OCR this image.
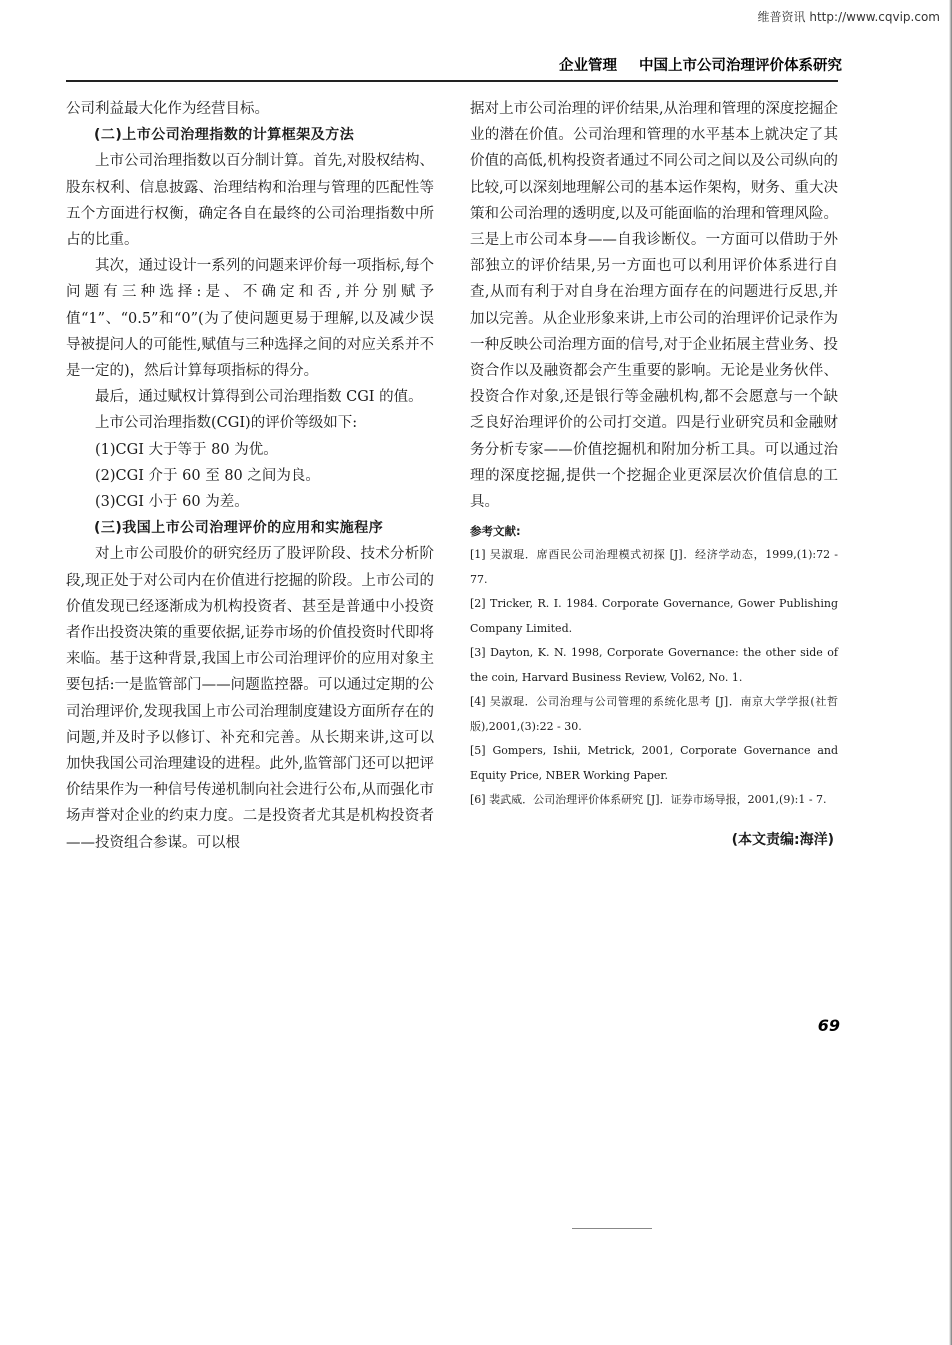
维普资讯 http://www.cqvip.com
企业管理 中国上市公司治理评价体系研究

公司利益最大化作为经营目标。

(二)上市公司治理指数的计算框架及方法

上市公司治理指数以百分制计算。首先,对股权结构、股东权利、信息披露、治理结构和治理与管理的匹配性等五个方面进行权衡，确定各自在最终的公司治理指数中所占的比重。

其次，通过设计一系列的问题来评价每一项指标,每个问题有三种选择:是、不确定和否,并分别赋予值“1”、“0.5”和“0”(为了使问题更易于理解,以及减少误导被提问人的可能性,赋值与三种选择之间的对应关系并不是一定的)，然后计算每项指标的得分。

最后，通过赋权计算得到公司治理指数 CGI 的值。

上市公司治理指数(CGI)的评价等级如下:

(1)CGI 大于等于 80 为优。

(2)CGI 介于 60 至 80 之间为良。

(3)CGI 小于 60 为差。

(三)我国上市公司治理评价的应用和实施程序

对上市公司股价的研究经历了股评阶段、技术分析阶段,现正处于对公司内在价值进行挖掘的阶段。上市公司的价值发现已经逐渐成为机构投资者、甚至是普通中小投资者作出投资决策的重要依据,证券市场的价值投资时代即将来临。基于这种背景,我国上市公司治理评价的应用对象主要包括:一是监管部门——问题监控器。可以通过定期的公司治理评价,发现我国上市公司治理制度建设方面所存在的问题,并及时予以修订、补充和完善。从长期来讲,这可以加快我国公司治理建设的进程。此外,监管部门还可以把评价结果作为一种信号传递机制向社会进行公布,从而强化市场声誉对企业的约束力度。二是投资者尤其是机构投资者——投资组合参谋。可以根

据对上市公司治理的评价结果,从治理和管理的深度挖掘企业的潜在价值。公司治理和管理的水平基本上就决定了其价值的高低,机构投资者通过不同公司之间以及公司纵向的比较,可以深刻地理解公司的基本运作架构，财务、重大决策和公司治理的透明度,以及可能面临的治理和管理风险。三是上市公司本身——自我诊断仪。一方面可以借助于外部独立的评价结果,另一方面也可以利用评价体系进行自查,从而有利于对自身在治理方面存在的问题进行反思,并加以完善。从企业形象来讲,上市公司的治理评价记录作为一种反映公司治理方面的信号,对于企业拓展主营业务、投资合作以及融资都会产生重要的影响。无论是业务伙伴、投资合作对象,还是银行等金融机构,都不会愿意与一个缺乏良好治理评价的公司打交道。四是行业研究员和金融财务分析专家——价值挖掘机和附加分析工具。可以通过治理的深度挖掘,提供一个挖掘企业更深层次价值信息的工具。

参考文献:

[1] 吴淑琨．席酉民公司治理模式初探 [J]．经济学动态，1999,(1):72 - 77.

[2] Tricker, R. I. 1984. Corporate Governance, Gower Publishing Company Limited.

[3] Dayton, K. N. 1998, Corporate Governance: the other side of the coin, Harvard Business Review, Vol62, No. 1.

[4] 吴淑琨．公司治理与公司管理的系统化思考 [J]．南京大学学报(社哲版),2001,(3):22 - 30.

[5] Gompers, Ishii, Metrick, 2001, Corporate Governance and Equity Price, NBER Working Paper.

[6] 裴武威．公司治理评价体系研究 [J]．证券市场导报，2001,(9):1 - 7.

(本文责编:海洋)
69
